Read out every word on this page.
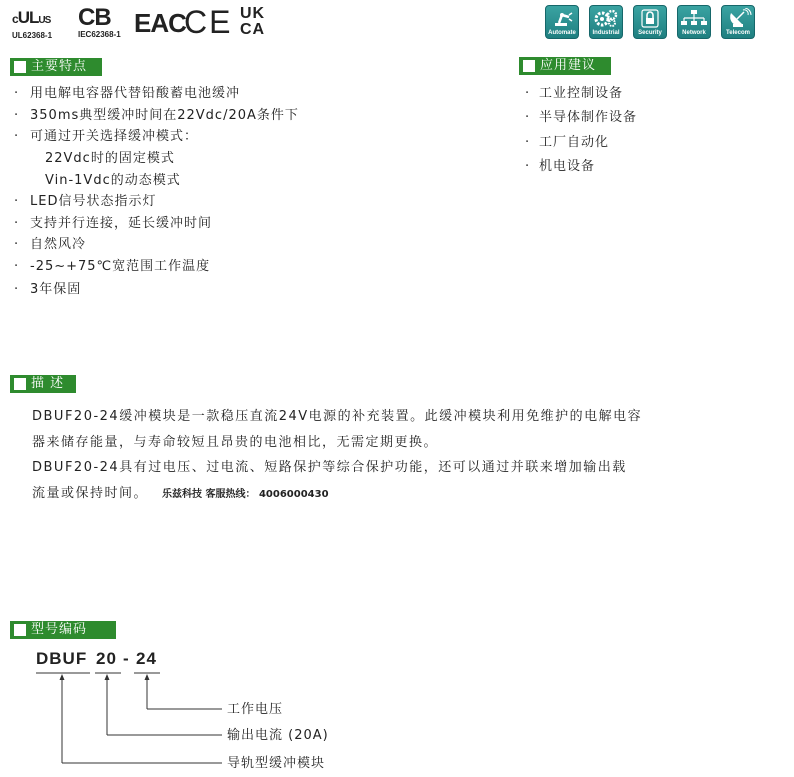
cULUS
UL62368-1
CB
IEC62368-1 EAC
CE UK
CA	Automate	Industrial	Security	Network	Telecom
主要特点
· 用电解电容器代替铅酸蓄电池缓冲
· 350ms典型缓冲时间在22Vdc/20A条件下
· 可通过开关选择缓冲模式：
22Vdc时的固定模式
Vin-1Vdc的动态模式
· LED信号状态指示灯
· 支持并行连接，延长缓冲时间
· 自然风冷
· -25~+75℃宽范围工作温度
· 3年保固
应用建议
· 工业控制设备
· 半导体制作设备
· 工厂自动化
· 机电设备
描 述
DBUF20-24缓冲模块是一款稳压直流24V电源的补充装置。此缓冲模块利用免维护的电解电容
器来储存能量，与寿命较短且昂贵的电池相比，无需定期更换。
DBUF20-24具有过电压、过电流、短路保护等综合保护功能，还可以通过并联来增加输出载
流量或保持时间。 乐兹科技 客服热线： 4006000430
型号编码
DBUF 20 - 24
工作电压
输出电流 (20A)
导轨型缓冲模块
